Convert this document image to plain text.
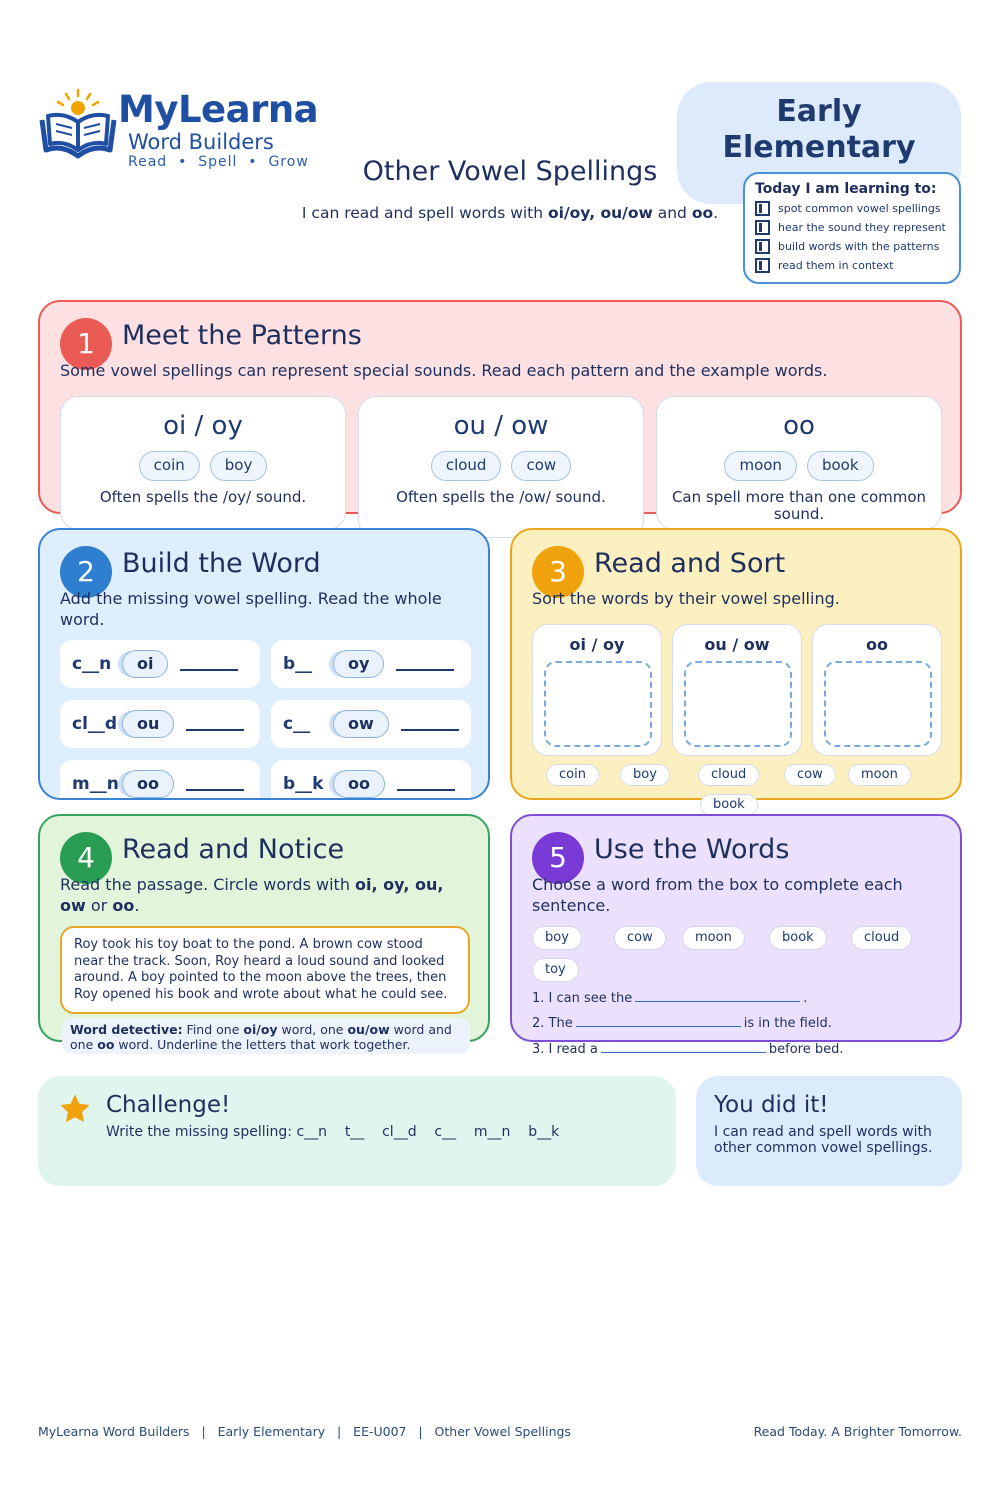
MyLearna
Word Builders
Read  •  Spell  •  Grow	Other Vowel Spellings
I can read and spell words with oi/oy, ou/ow and oo.
Early
Elementary
Today I am learning to:
spot common vowel spellings
hear the sound they represent
build words with the patterns
read them in context
1	Meet the Patterns
Some vowel spellings can represent special sounds. Read each pattern and the example words.
oi / oy
coin	boy
Often spells the /oy/ sound.
ou / ow
cloud	cow
Often spells the /ow/ sound.
oo
moon	book
Can spell more than one common sound.
2	Build the Word
Add the missing vowel spelling. Read the whole word.
c__n	oi	b__	oy
cl__d	ou	c__	ow
m__n	oo	b__k	oo
3	Read and Sort
Sort the words by their vowel spelling.
oi / oy	ou / ow	oo
coin	boy	cloud	cow	moon
book
4	Read and Notice
Read the passage. Circle words with oi, oy, ou, ow or oo.
Roy took his toy boat to the pond. A brown cow stood near the track. Soon, Roy heard a loud sound and looked around. A boy pointed to the moon above the trees, then Roy opened his book and wrote about what he could see.
Word detective: Find one oi/oy word, one ou/ow word and one oo word. Underline the letters that work together.
5	Use the Words
Choose a word from the box to complete each sentence.
boy	cow	moon	book	cloud
toy
1. I can see the	.
2. The	is in the field.
3. I read a	before bed.
Challenge!
Write the missing spelling: c__n    t__    cl__d    c__    m__n    b__k
You did it!
I can read and spell words with other common vowel spellings.
MyLearna Word Builders   |   Early Elementary   |   EE-U007   |   Other Vowel Spellings	Read Today. A Brighter Tomorrow.
